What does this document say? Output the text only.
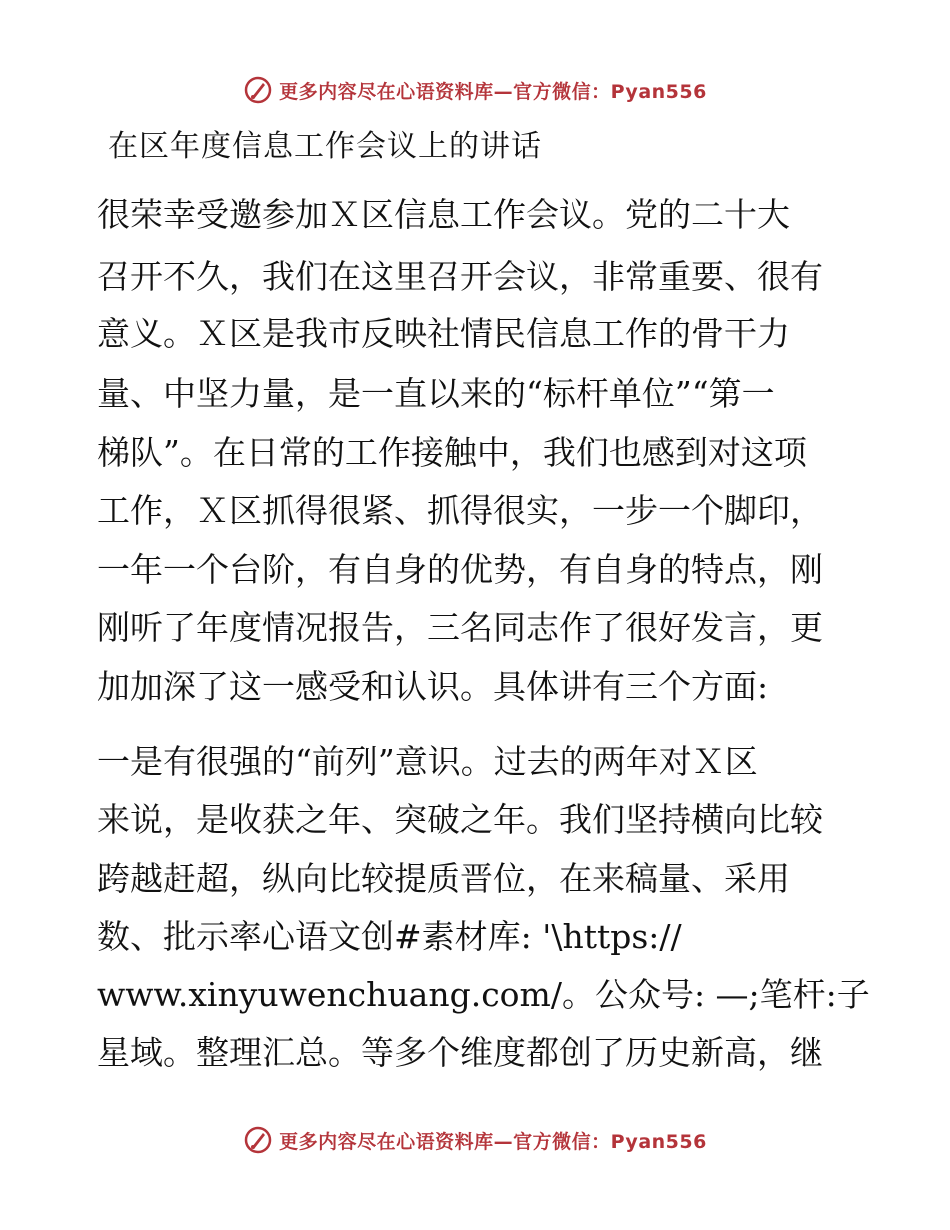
更多内容尽在心语资料库—官方微信：Pyan556
在区年度信息工作会议上的讲话
很荣幸受邀参加Ｘ区信息工作会议。党的二十大
召开不久，我们在这里召开会议，非常重要、很有
意义。Ｘ区是我市反映社情民信息工作的骨干力
量、中坚力量，是一直以来的“标杆单位”“第一
梯队”。在日常的工作接触中，我们也感到对这项
工作，Ｘ区抓得很紧、抓得很实，一步一个脚印，
一年一个台阶，有自身的优势，有自身的特点，刚
刚听了年度情况报告，三名同志作了很好发言，更
加加深了这一感受和认识。具体讲有三个方面:
一是有很强的“前列”意识。过去的两年对Ｘ区
来说，是收获之年、突破之年。我们坚持横向比较
跨越赶超，纵向比较提质晋位，在来稿量、采用
数、批示率心语文创#素材库: '\https://
www.xinyuwenchuang.com/。公众号: —;笔杆:子
星域。整理汇总。等多个维度都创了历史新高，继
更多内容尽在心语资料库—官方微信：Pyan556
